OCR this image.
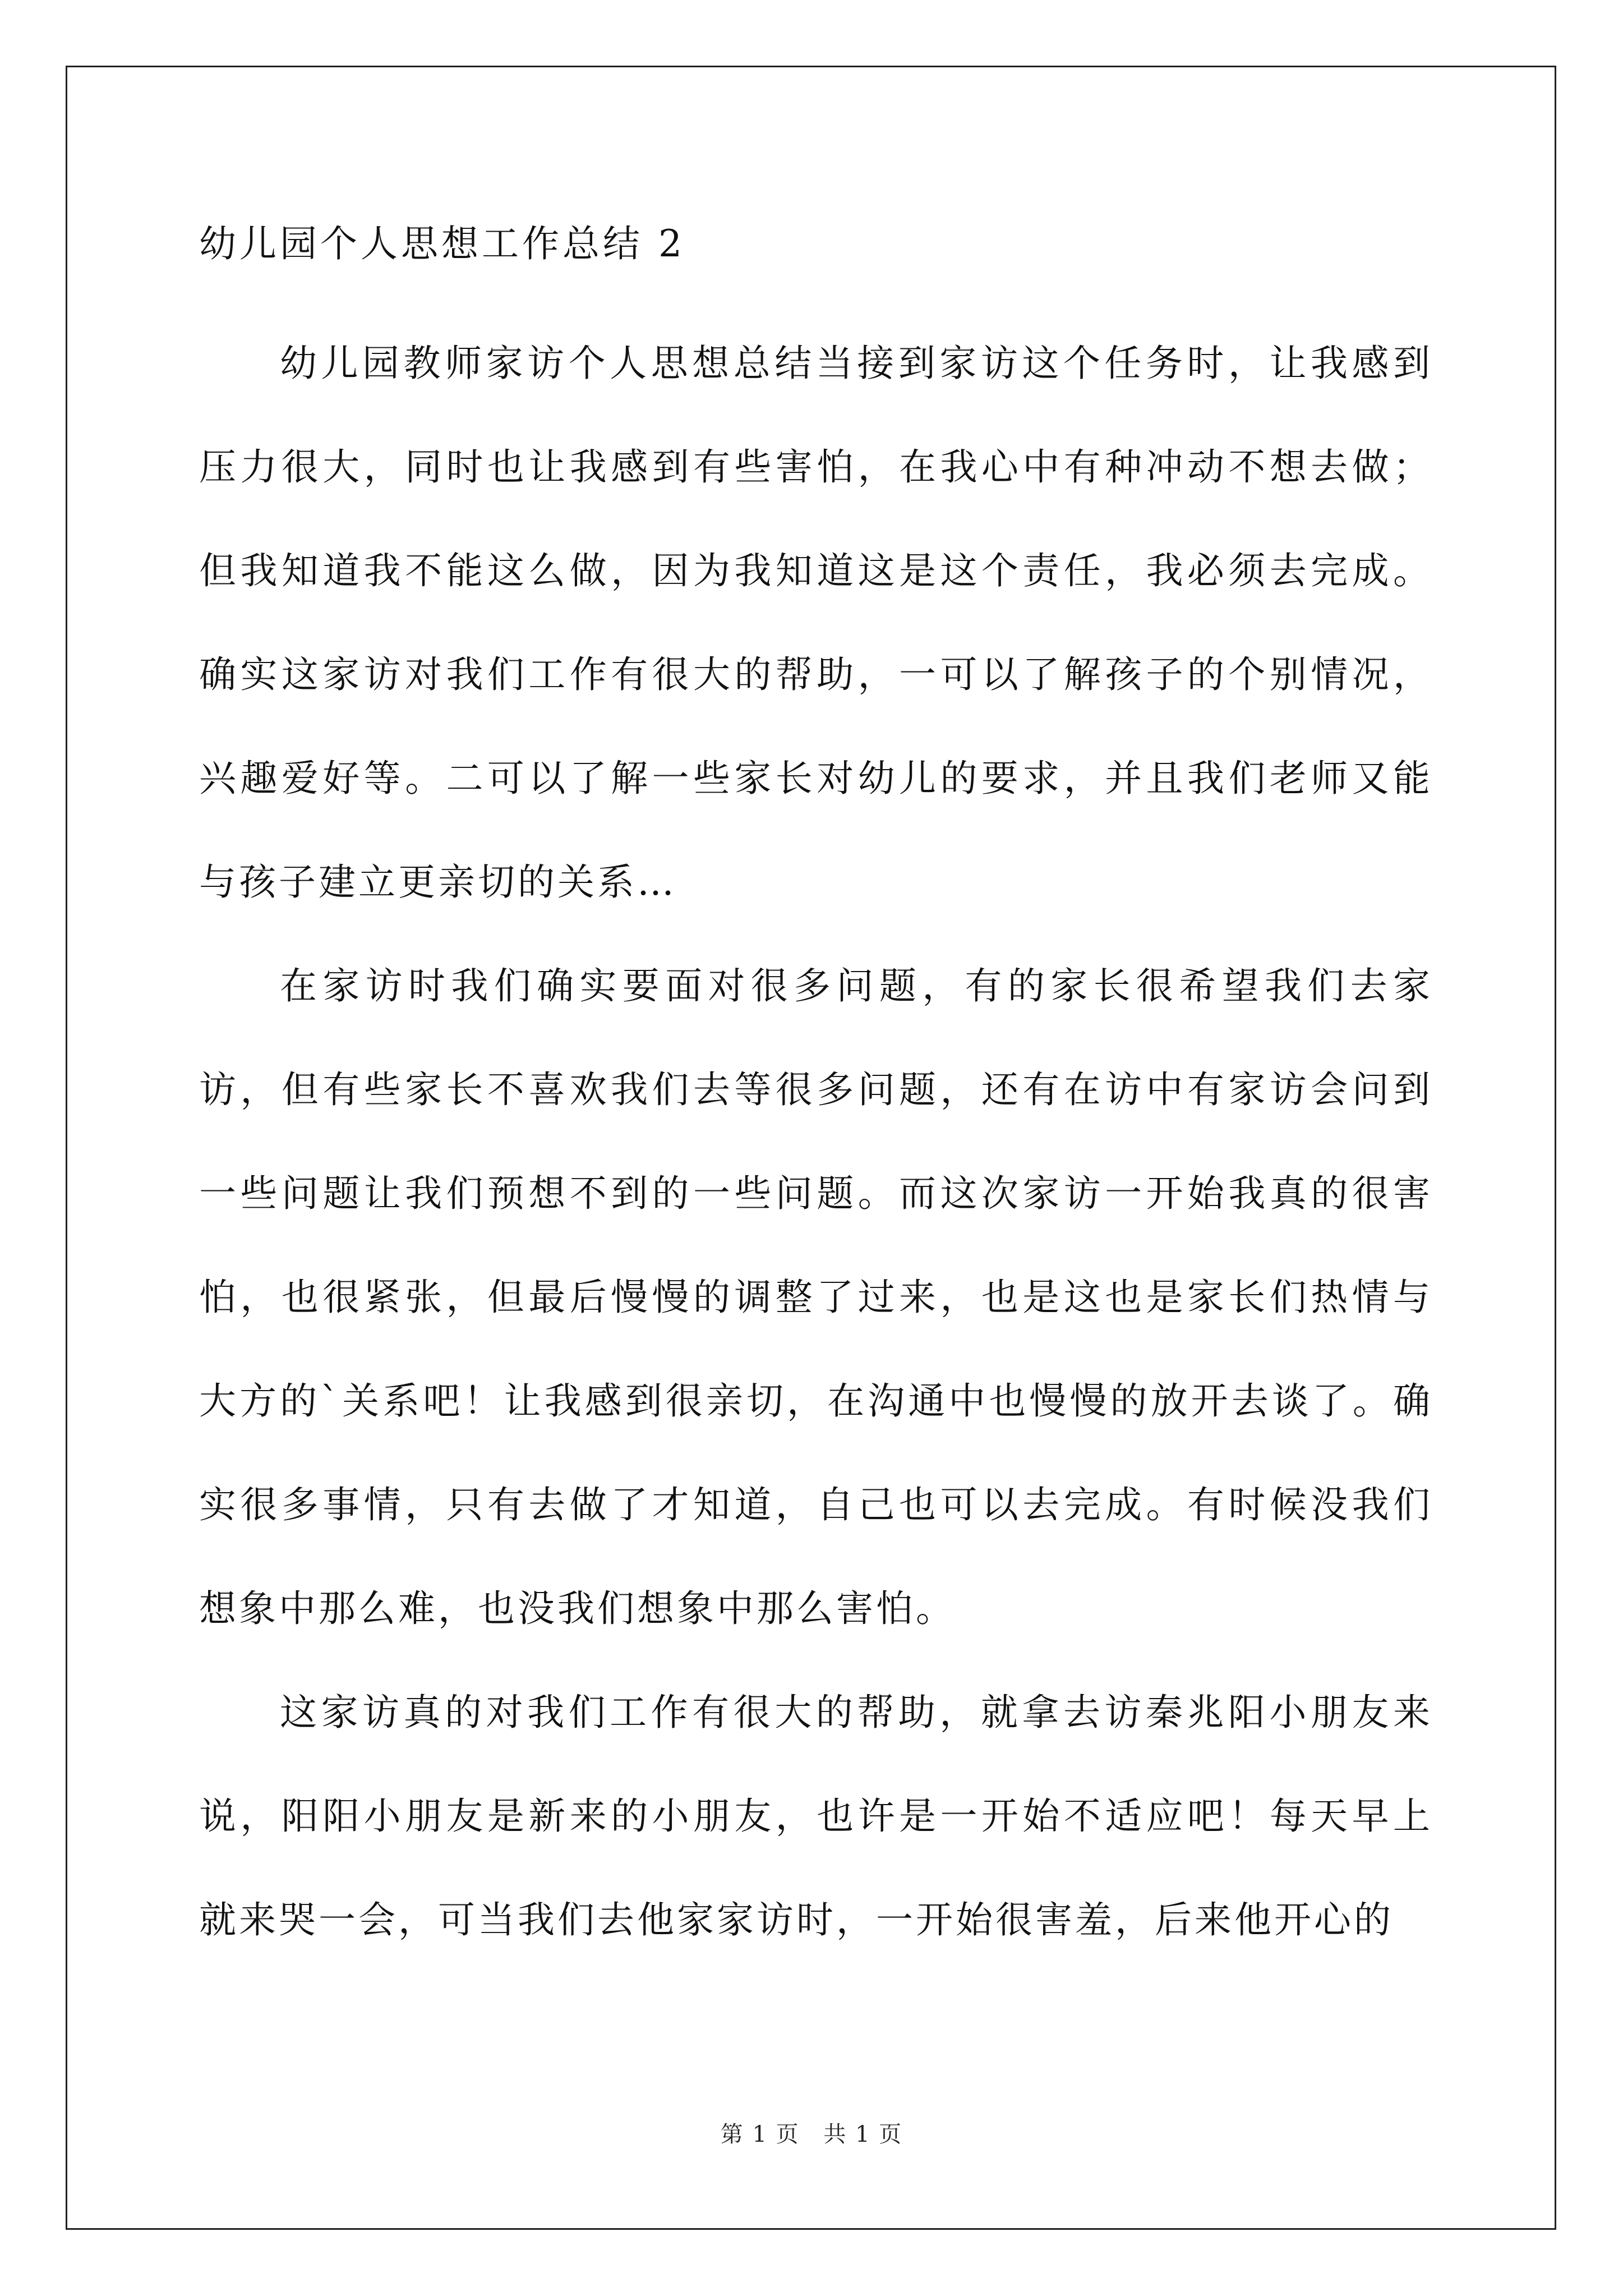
幼儿园个人思想工作总结 2

幼儿园教师家访个人思想总结当接到家访这个任务时，让我感到压力很大，同时也让我感到有些害怕，在我心中有种冲动不想去做；但我知道我不能这么做，因为我知道这是这个责任，我必须去完成。确实这家访对我们工作有很大的帮助，一可以了解孩子的个别情况，兴趣爱好等。二可以了解一些家长对幼儿的要求，并且我们老师又能与孩子建立更亲切的关系…

在家访时我们确实要面对很多问题，有的家长很希望我们去家访，但有些家长不喜欢我们去等很多问题，还有在访中有家访会问到一些问题让我们预想不到的一些问题。而这次家访一开始我真的很害怕，也很紧张，但最后慢慢的调整了过来，也是这也是家长们热情与大方的`关系吧！让我感到很亲切，在沟通中也慢慢的放开去谈了。确实很多事情，只有去做了才知道，自己也可以去完成。有时候没我们想象中那么难，也没我们想象中那么害怕。

这家访真的对我们工作有很大的帮助，就拿去访秦兆阳小朋友来说，阳阳小朋友是新来的小朋友，也许是一开始不适应吧！每天早上就来哭一会，可当我们去他家家访时，一开始很害羞，后来他开心的

第 1 页 共 1 页
